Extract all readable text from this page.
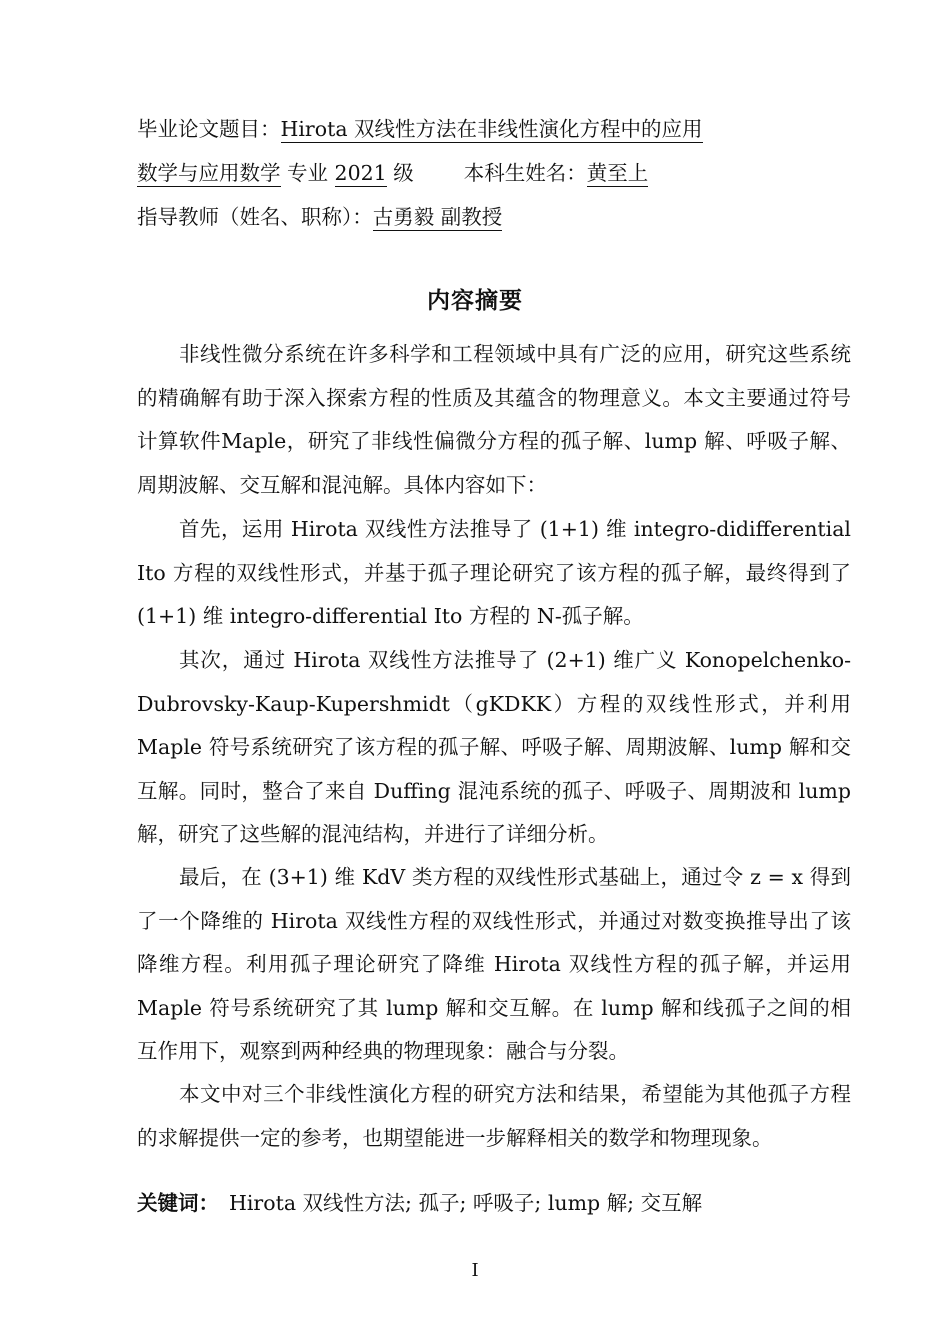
毕业论文题目：Hirota 双线性方法在非线性演化方程中的应用
数学与应用数学 专业 2021 级 本科生姓名：黄至上
指导教师（姓名、职称）：古勇毅 副教授
内容摘要

非线性微分系统在许多科学和工程领域中具有广泛的应用，研究这些系统的精确解有助于深入探索方程的性质及其蕴含的物理意义。本文主要通过符号计算软件Maple，研究了非线性偏微分方程的孤子解、lump 解、呼吸子解、周期波解、交互解和混沌解。具体内容如下：

首先，运用 Hirota 双线性方法推导了 (1+1) 维 integro-didifferential Ito 方程的双线性形式，并基于孤子理论研究了该方程的孤子解，最终得到了 (1+1) 维 integro-differential Ito 方程的 N-孤子解。

其次，通过 Hirota 双线性方法推导了 (2+1) 维广义 Konopelchenko-Dubrovsky-Kaup-Kupershmidt（gKDKK）方程的双线性形式，并利用 Maple 符号系统研究了该方程的孤子解、呼吸子解、周期波解、lump 解和交互解。同时，整合了来自 Duffing 混沌系统的孤子、呼吸子、周期波和 lump 解，研究了这些解的混沌结构，并进行了详细分析。

最后，在 (3+1) 维 KdV 类方程的双线性形式基础上，通过令 z = x 得到了一个降维的 Hirota 双线性方程的双线性形式，并通过对数变换推导出了该降维方程。利用孤子理论研究了降维 Hirota 双线性方程的孤子解，并运用 Maple 符号系统研究了其 lump 解和交互解。在 lump 解和线孤子之间的相互作用下，观察到两种经典的物理现象：融合与分裂。

本文中对三个非线性演化方程的研究方法和结果，希望能为其他孤子方程的求解提供一定的参考，也期望能进一步解释相关的数学和物理现象。

关键词： Hirota 双线性方法; 孤子; 呼吸子; lump 解; 交互解
I
